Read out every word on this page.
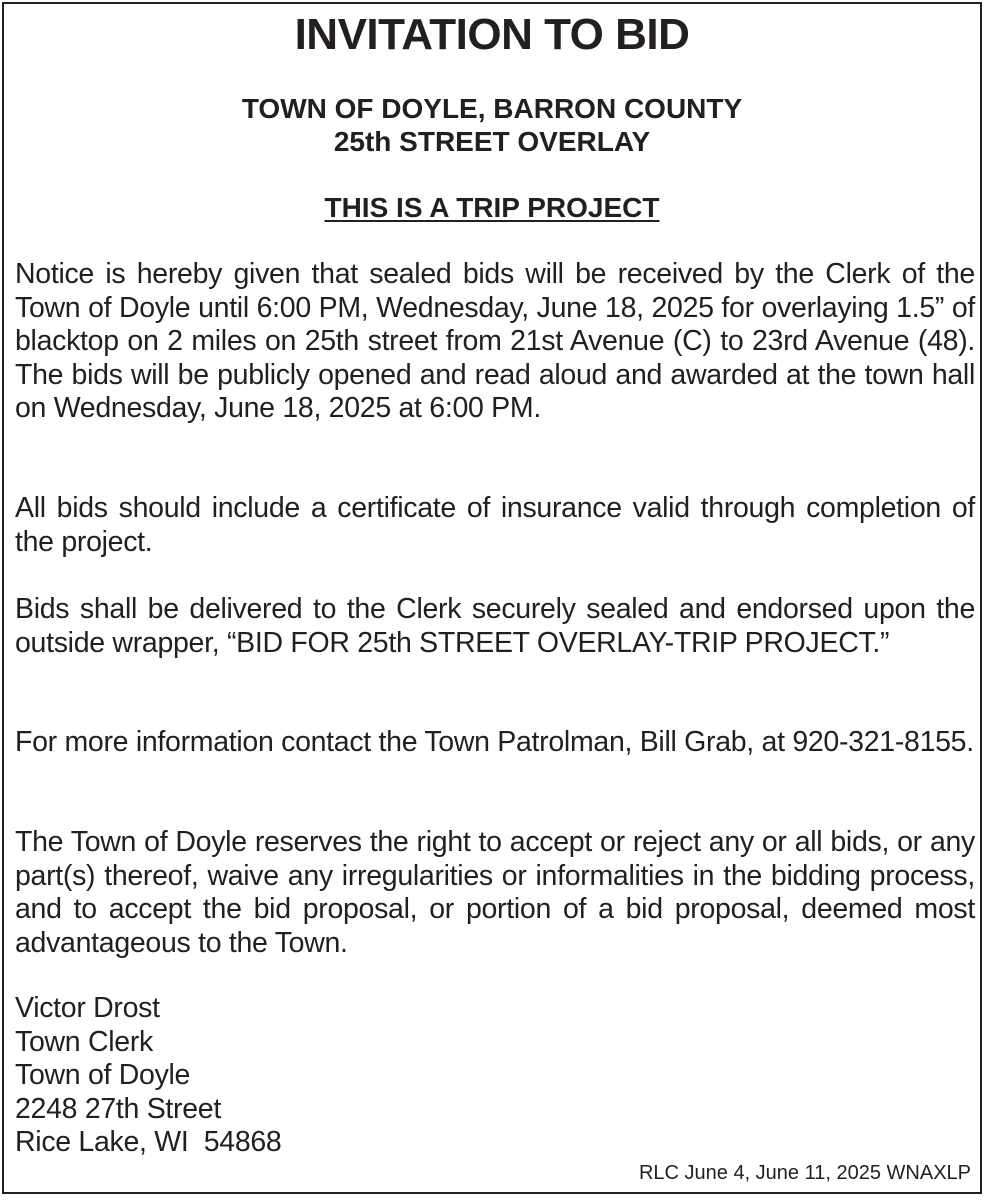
INVITATION TO BID
TOWN OF DOYLE, BARRON COUNTY
25th STREET OVERLAY
THIS IS A TRIP PROJECT
Notice is hereby given that sealed bids will be received by the Clerk of the Town of Doyle until 6:00 PM, Wednesday, June 18, 2025 for overlaying 1.5” of blacktop on 2 miles on 25th street from 21st Avenue (C) to 23rd Avenue (48). The bids will be publicly opened and read aloud and awarded at the town hall on Wednesday, June 18, 2025 at 6:00 PM.
All bids should include a certificate of insurance valid through completion of the project.
Bids shall be delivered to the Clerk securely sealed and endorsed upon the outside wrapper, “BID FOR 25th STREET OVERLAY-TRIP PROJECT.”
For more information contact the Town Patrolman, Bill Grab, at 920-321-8155.
The Town of Doyle reserves the right to accept or reject any or all bids, or any part(s) thereof, waive any irregularities or informalities in the bidding process, and to accept the bid proposal, or portion of a bid proposal, deemed most advantageous to the Town.
Victor Drost
Town Clerk
Town of Doyle
2248 27th Street
Rice Lake, WI  54868
RLC June 4, June 11, 2025 WNAXLP
